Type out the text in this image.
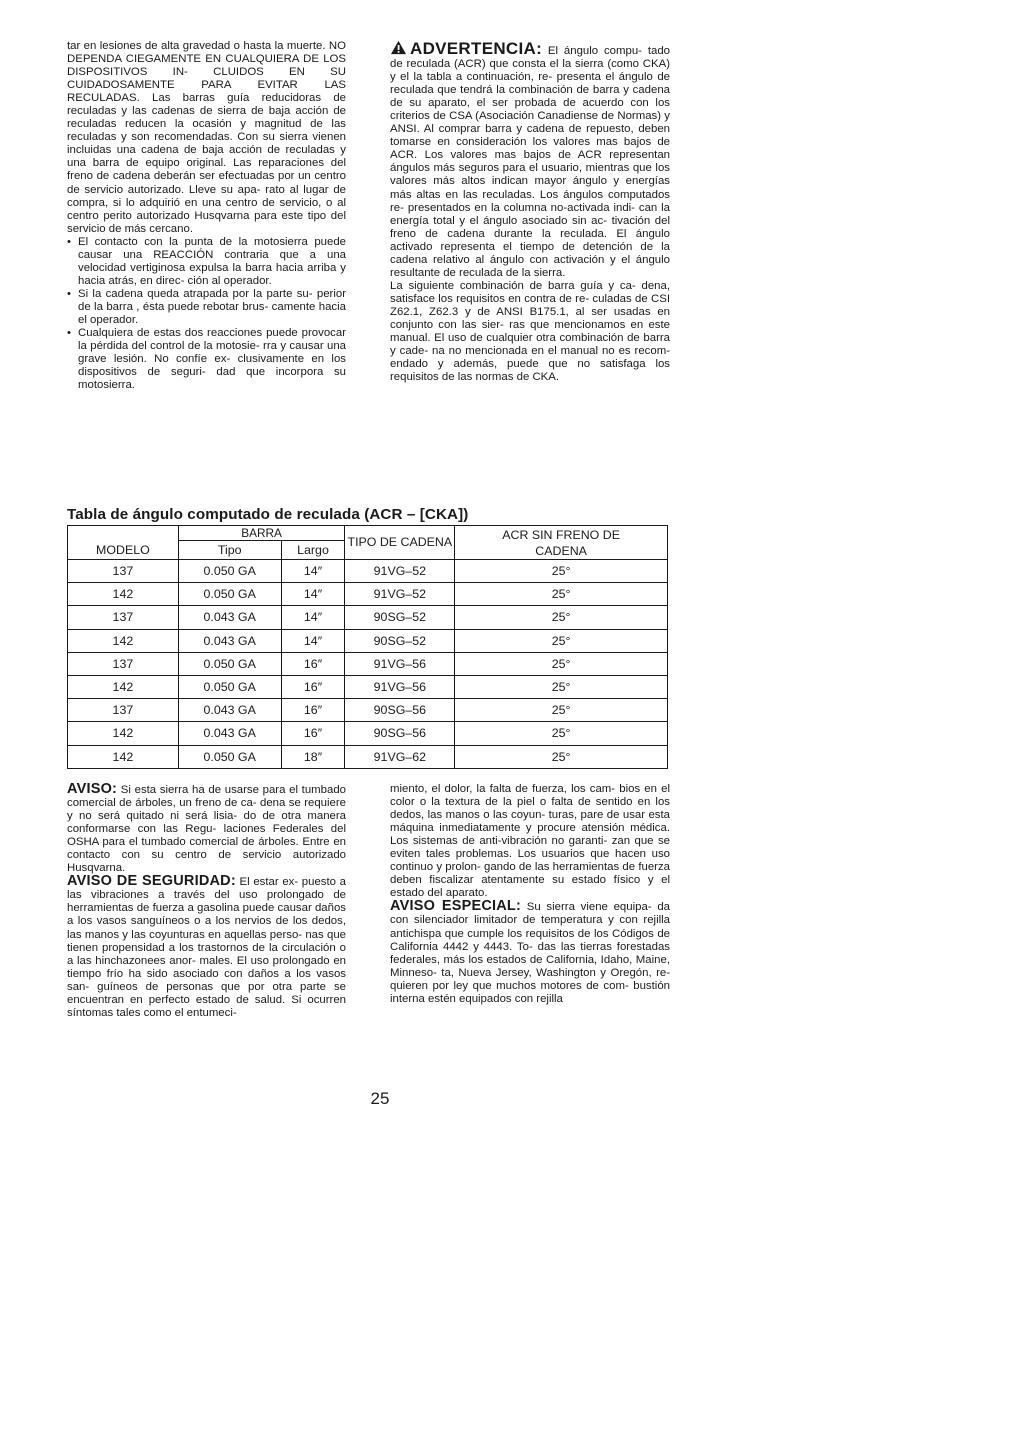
tar en lesiones de alta gravedad o hasta la muerte. NO DEPENDA CIEGAMENTE EN CUALQUIERA DE LOS DISPOSITIVOS IN- CLUIDOS EN SU CUIDADOSAMENTE PARA EVITAR LAS RECULADAS. Las barras guía reducidoras de reculadas y las cadenas de sierra de baja acción de reculadas reducen la ocasión y magnitud de las reculadas y son recomendadas. Con su sierra vienen incluidas una cadena de baja acción de reculadas y una barra de equipo original. Las reparaciones del freno de cadena deberán ser efectuadas por un centro de servicio autorizado. Lleve su apa- rato al lugar de compra, si lo adquirió en una centro de servicio, o al centro perito autorizado Husqvarna para este tipo del servicio de más cercano.

• El contacto con la punta de la motosierra puede causar una REACCIÓN contraria que a una velocidad vertiginosa expulsa la barra hacia arriba y hacia atrás, en direc- ción al operador.
• Si la cadena queda atrapada por la parte su- perior de la barra , ésta puede rebotar brus- camente hacia el operador.
• Cualquiera de estas dos reacciones puede provocar la pérdida del control de la motosie- rra y causar una grave lesión. No confíe ex- clusivamente en los dispositivos de seguri- dad que incorpora su motosierra.

ADVERTENCIA: El ángulo compu- tado de reculada (ACR) que consta el la sierra (como CKA) y el la tabla a continuación, re- presenta el ángulo de reculada que tendrá la combinación de barra y cadena de su aparato, el ser probada de acuerdo con los criterios de CSA (Asociación Canadiense de Normas) y ANSI. Al comprar barra y cadena de repuesto, deben tomarse en consideración los valores mas bajos de ACR. Los valores mas bajos de ACR representan ángulos más seguros para el usuario, mientras que los valores más altos indican mayor ángulo y energías más altas en las reculadas. Los ángulos computados re- presentados en la columna no-activada indi- can la energía total y el ángulo asociado sin ac- tivación del freno de cadena durante la reculada. El ángulo activado representa el tiempo de detención de la cadena relativo al ángulo con activación y el ángulo resultante de reculada de la sierra.

La siguiente combinación de barra guía y ca- dena, satisface los requisitos en contra de re- culadas de CSI Z62.1, Z62.3 y de ANSI B175.1, al ser usadas en conjunto con las sier- ras que mencionamos en este manual. El uso de cualquier otra combinación de barra y cade- na no mencionada en el manual no es recom- endado y además, puede que no satisfaga los requisitos de las normas de CKA.

Tabla de ángulo computado de reculada (ACR – [CKA])
MODELO	BARRA		TIPO DE CADENA	ACR SIN FRENO DE CADENA
	Tipo	Largo		
137	0.050 GA	14″	91VG–52	25°
142	0.050 GA	14″	91VG–52	25°
137	0.043 GA	14″	90SG–52	25°
142	0.043 GA	14″	90SG–52	25°
137	0.050 GA	16″	91VG–56	25°
142	0.050 GA	16″	91VG–56	25°
137	0.043 GA	16″	90SG–56	25°
142	0.043 GA	16″	90SG–56	25°
142	0.050 GA	18″	91VG–62	25°

AVISO: Si esta sierra ha de usarse para el tumbado comercial de árboles, un freno de ca- dena se requiere y no será quitado ni será lisia- do de otra manera conformarse con las Regu- laciones Federales del OSHA para el tumbado comercial de árboles. Entre en contacto con su centro de servicio autorizado Husqvarna.

AVISO DE SEGURIDAD: El estar ex- puesto a las vibraciones a través del uso prolongado de herramientas de fuerza a gasolina puede causar daños a los vasos sanguíneos o a los nervios de los dedos, las manos y las coyunturas en aquellas perso- nas que tienen propensidad a los trastornos de la circulación o a las hinchazonees anor- males. El uso prolongado en tiempo frío ha sido asociado con daños a los vasos san- guíneos de personas que por otra parte se encuentran en perfecto estado de salud. Si ocurren síntomas tales como el entumeci-

miento, el dolor, la falta de fuerza, los cam- bios en el color o la textura de la piel o falta de sentido en los dedos, las manos o las coyun- turas, pare de usar esta máquina inmediatamente y procure atensión médica. Los sistemas de anti-vibración no garanti- zan que se eviten tales problemas. Los usuarios que hacen uso continuo y prolon- gando de las herramientas de fuerza deben fiscalizar atentamente su estado físico y el estado del aparato.

AVISO ESPECIAL: Su sierra viene equipa- da con silenciador limitador de temperatura y con rejilla antichispa que cumple los requisitos de los Códigos de California 4442 y 4443. To- das las tierras forestadas federales, más los estados de California, Idaho, Maine, Minneso- ta, Nueva Jersey, Washington y Oregón, re- quieren por ley que muchos motores de com- bustión interna estén equipados con rejilla

25
